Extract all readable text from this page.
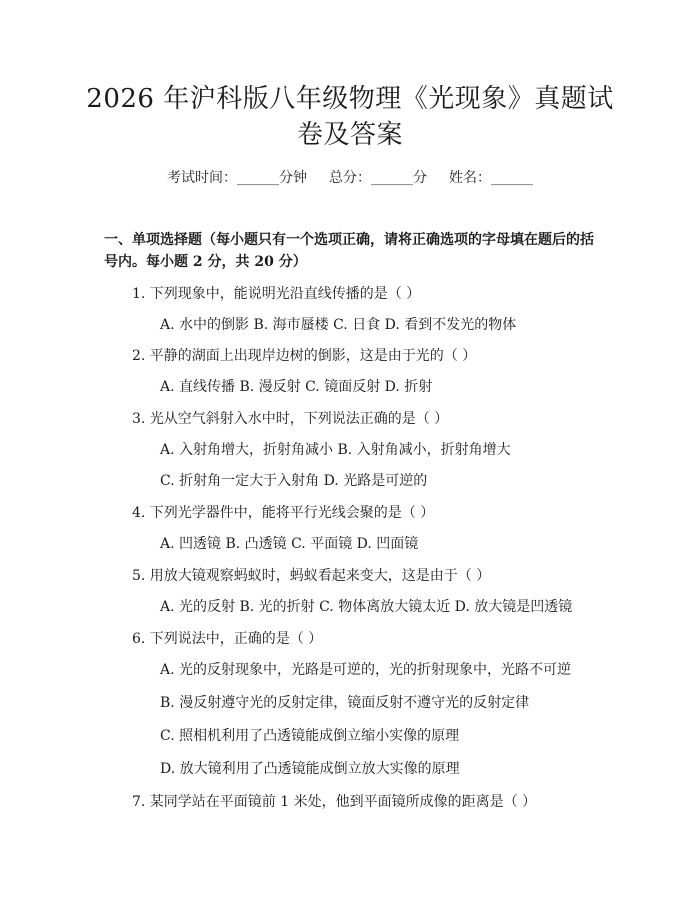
2026 年沪科版八年级物理《光现象》真题试
卷及答案
考试时间：______分钟 总分：______分 姓名：______
一、单项选择题（每小题只有一个选项正确，请将正确选项的字母填在题后的括
号内。每小题 2 分，共 20 分）
1. 下列现象中，能说明光沿直线传播的是（ ）
A. 水中的倒影 B. 海市蜃楼 C. 日食 D. 看到不发光的物体
2. 平静的湖面上出现岸边树的倒影，这是由于光的（ ）
A. 直线传播 B. 漫反射 C. 镜面反射 D. 折射
3. 光从空气斜射入水中时，下列说法正确的是（ ）
A. 入射角增大，折射角减小 B. 入射角减小，折射角增大
C. 折射角一定大于入射角 D. 光路是可逆的
4. 下列光学器件中，能将平行光线会聚的是（ ）
A. 凹透镜 B. 凸透镜 C. 平面镜 D. 凹面镜
5. 用放大镜观察蚂蚁时，蚂蚁看起来变大，这是由于（ ）
A. 光的反射 B. 光的折射 C. 物体离放大镜太近 D. 放大镜是凹透镜
6. 下列说法中，正确的是（ ）
A. 光的反射现象中，光路是可逆的，光的折射现象中，光路不可逆
B. 漫反射遵守光的反射定律，镜面反射不遵守光的反射定律
C. 照相机利用了凸透镜能成倒立缩小实像的原理
D. 放大镜利用了凸透镜能成倒立放大实像的原理
7. 某同学站在平面镜前 1 米处，他到平面镜所成像的距离是（ ）
